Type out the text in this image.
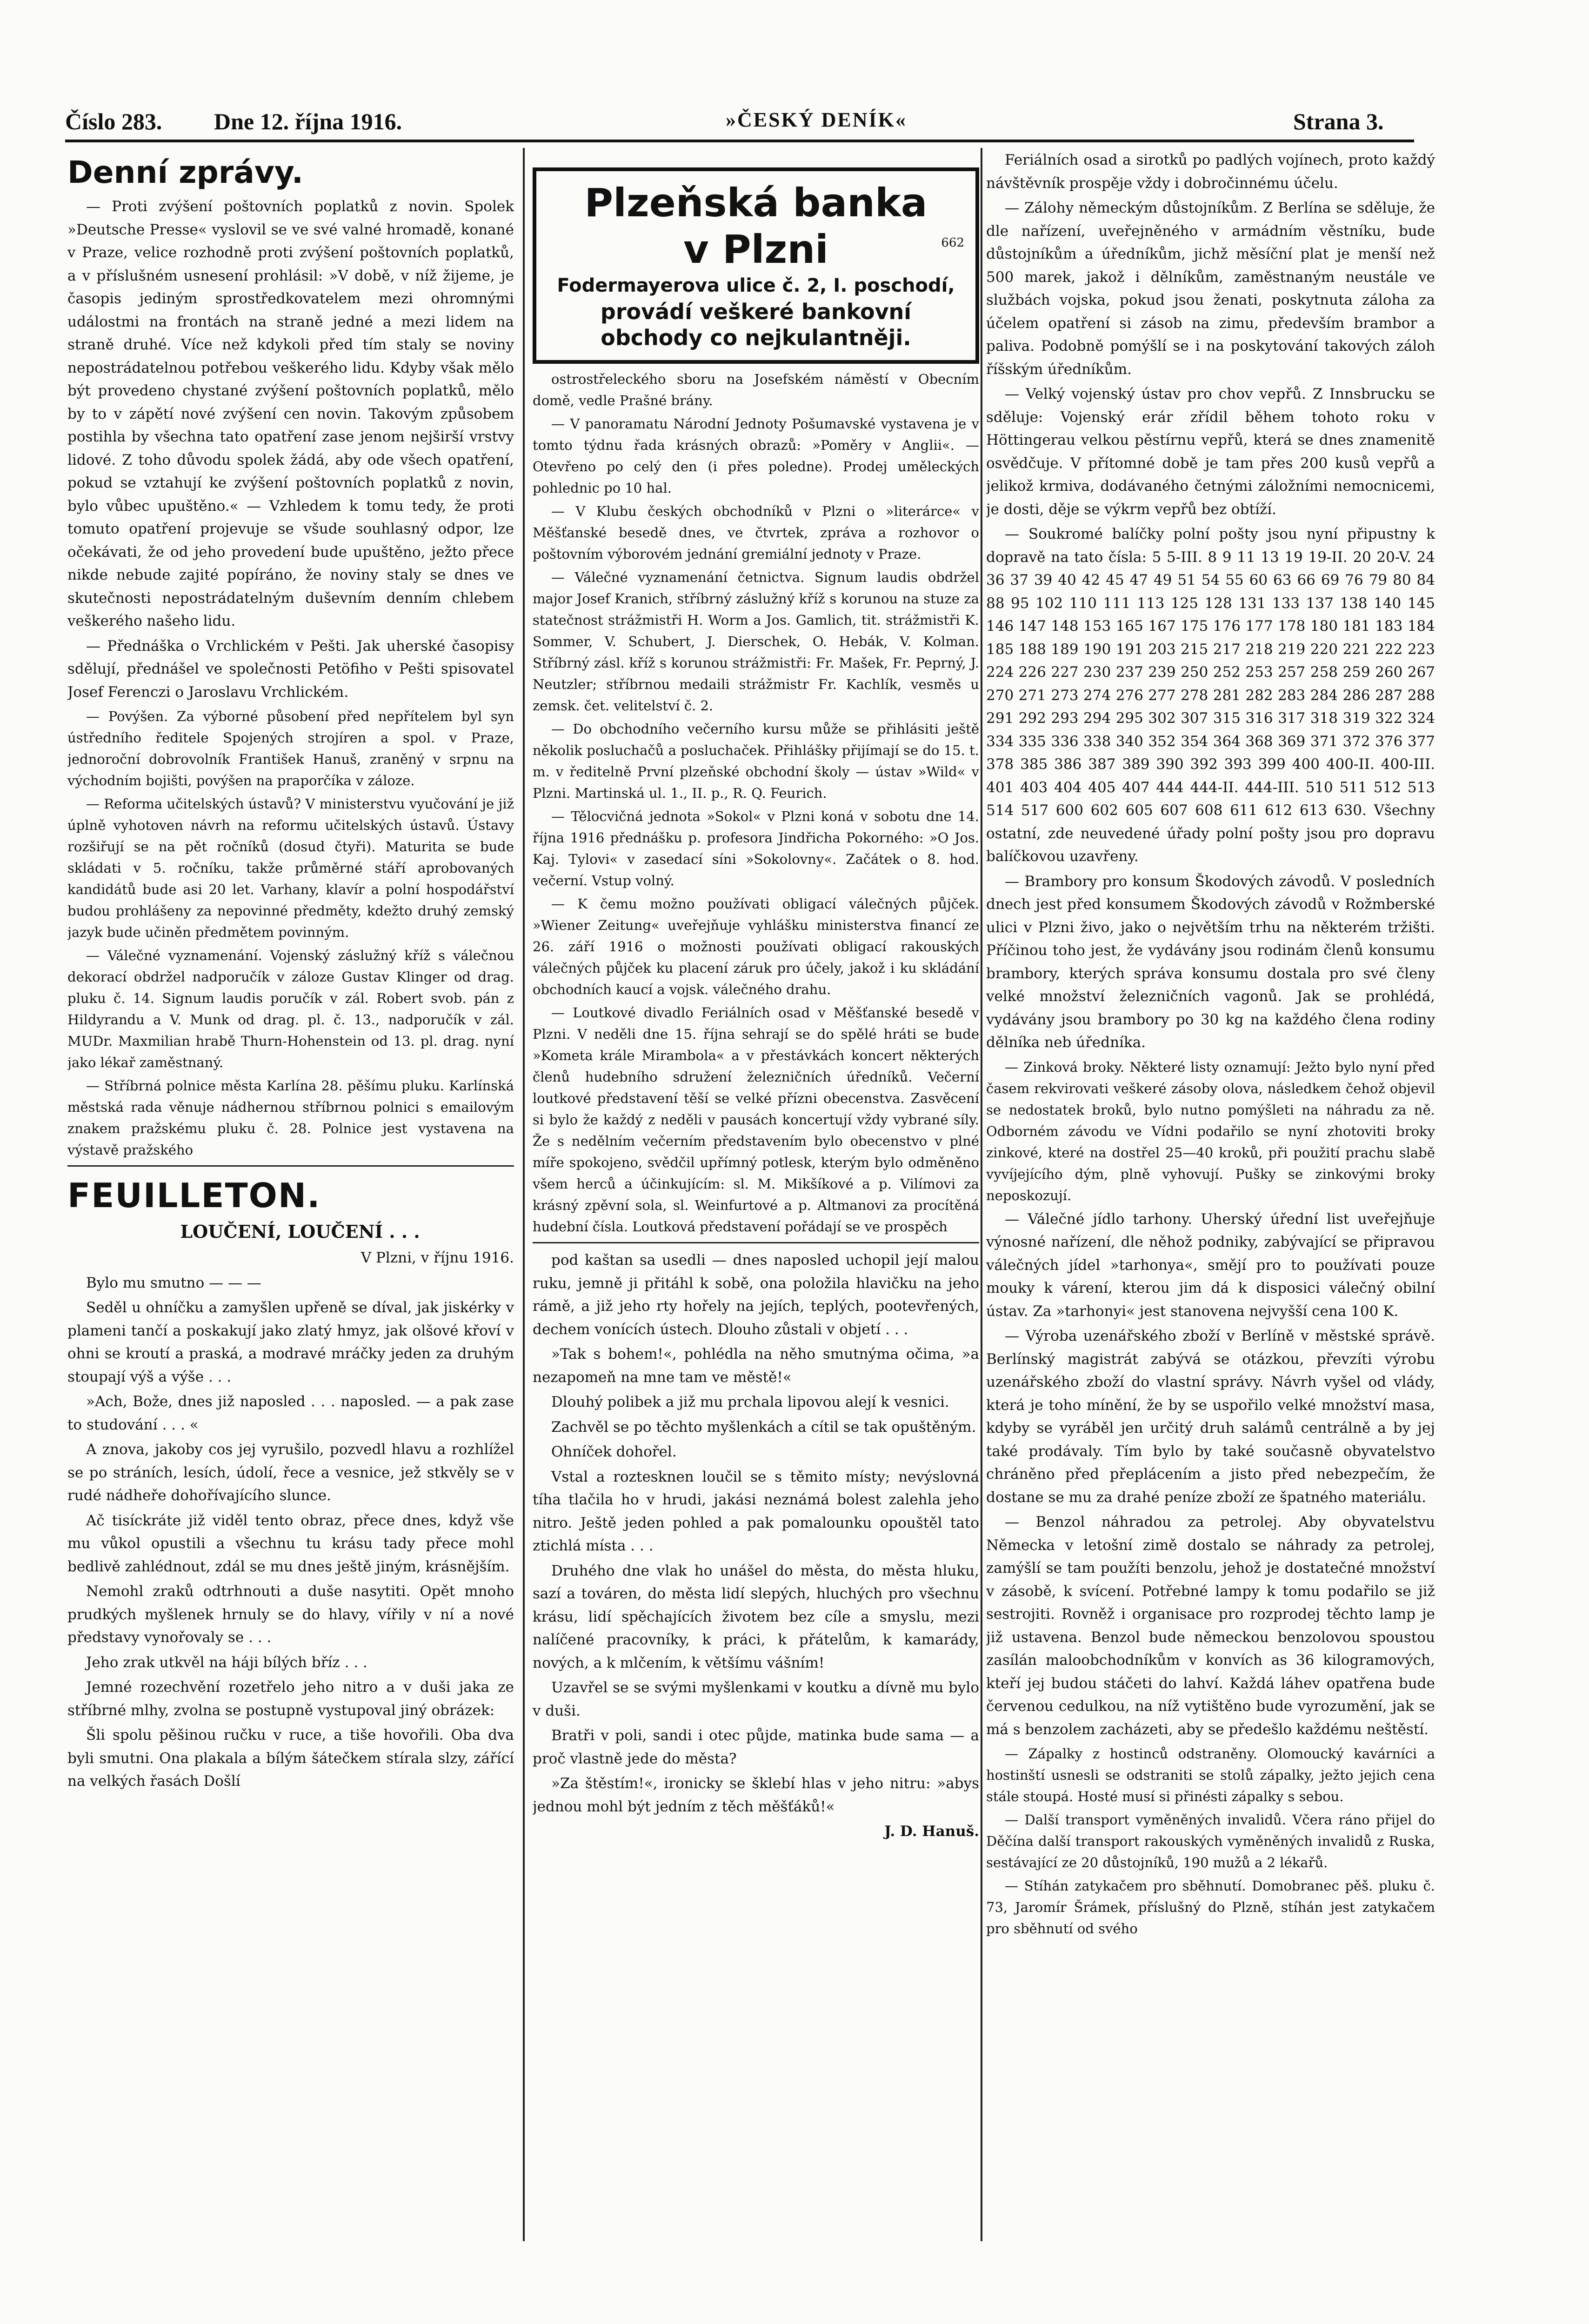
Číslo 283. Dne 12. října 1916.	»ČESKÝ DENÍK«	Strana 3.
Denní zprávy.

— Proti zvýšení poštovních poplatků z novin. Spolek »Deutsche Presse« vyslovil se ve své valné hromadě, konané v Praze, velice rozhodně proti zvýšení poštovních poplatků, a v příslušném usnesení prohlásil: »V době, v níž žijeme, je časopis jediným sprostředkovatelem mezi ohromnými událostmi na frontách na straně jedné a mezi lidem na straně druhé. Více než kdykoli před tím staly se noviny nepostrádatelnou potřebou veškerého lidu. Kdyby však mělo být provedeno chystané zvýšení poštovních poplatků, mělo by to v zápětí nové zvýšení cen novin. Takovým způsobem postihla by všechna tato opatření zase jenom nejširší vrstvy lidové. Z toho důvodu spolek žádá, aby ode všech opatření, pokud se vztahují ke zvýšení poštovních poplatků z novin, bylo vůbec upuštěno.« — Vzhledem k tomu tedy, že proti tomuto opatření projevuje se všude souhlasný odpor, lze očekávati, že od jeho provedení bude upuštěno, ježto přece nikde nebude zajité popíráno, že noviny staly se dnes ve skutečnosti nepostrádatelným duševním denním chlebem veškerého našeho lidu.

— Přednáška o Vrchlickém v Pešti. Jak uherské časopisy sdělují, přednášel ve společnosti Petöfiho v Pešti spisovatel Josef Ferenczi o Jaroslavu Vrchlickém.

— Povýšen. Za výborné působení před nepřítelem byl syn ústředního ředitele Spojených strojíren a spol. v Praze, jednoroční dobrovolník František Hanuš, zraněný v srpnu na východním bojišti, povýšen na praporčíka v záloze.

— Reforma učitelských ústavů? V ministerstvu vyučování je již úplně vyhotoven návrh na reformu učitelských ústavů. Ústavy rozšiřují se na pět ročníků (dosud čtyři). Maturita se bude skládati v 5. ročníku, takže průměrné stáří aprobovaných kandidátů bude asi 20 let. Varhany, klavír a polní hospodářství budou prohlášeny za nepovinné předměty, kdežto druhý zemský jazyk bude učiněn předmětem povinným.

— Válečné vyznamenání. Vojenský záslužný kříž s válečnou dekorací obdržel nadporučík v záloze Gustav Klinger od drag. pluku č. 14. Signum laudis poručík v zál. Robert svob. pán z Hildyrandu a V. Munk od drag. pl. č. 13., nadporučík v zál. MUDr. Maxmilian hrabě Thurn-Hohenstein od 13. pl. drag. nyní jako lékař zaměstnaný.

— Stříbrná polnice města Karlína 28. pěšímu pluku. Karlínská městská rada věnuje nádhernou stříbrnou polnici s emailovým znakem pražskému pluku č. 28. Polnice jest vystavena na výstavě pražského

FEUILLETON.

LOUČENÍ, LOUČENÍ . . .

V Plzni, v říjnu 1916.

Bylo mu smutno — — —

Seděl u ohníčku a zamyšlen upřeně se díval, jak jiskérky v plameni tančí a poskakují jako zlatý hmyz, jak olšové křoví v ohni se kroutí a praská, a modravé mráčky jeden za druhým stoupají výš a výše . . .

»Ach, Bože, dnes již naposled . . . naposled. — a pak zase to studování . . . «

A znova, jakoby cos jej vyrušilo, pozvedl hlavu a rozhlížel se po stráních, lesích, údolí, řece a vesnice, jež stkvěly se v rudé nádheře dohořívajícího slunce.

Ač tisíckráte již viděl tento obraz, přece dnes, když vše mu vůkol opustili a všechnu tu krásu tady přece mohl bedlivě zahlédnout, zdál se mu dnes ještě jiným, krásnějším.

Nemohl zraků odtrhnouti a duše nasytiti. Opět mnoho prudkých myšlenek hrnuly se do hlavy, vířily v ní a nové představy vynořovaly se . . .

Jeho zrak utkvěl na háji bílých bříz . . .

Jemné rozechvění rozetřelo jeho nitro a v duši jaka ze stříbrné mlhy, zvolna se postupně vystupoval jiný obrázek:

Šli spolu pěšinou ručku v ruce, a tiše hovořili. Oba dva byli smutni. Ona plakala a bílým šátečkem stírala slzy, zářící na velkých řasách Došlí

Plzeňská banka
v Plzni	662
Fodermayerova ulice č. 2, I. poschodí,
provádí veškeré bankovní
obchody co nejkulantněji.

ostrostřeleckého sboru na Josefském náměstí v Obecním domě, vedle Prašné brány.

— V panoramatu Národní Jednoty Pošumavské vystavena je v tomto týdnu řada krásných obrazů: »Poměry v Anglii«. — Otevřeno po celý den (i přes poledne). Prodej uměleckých pohlednic po 10 hal.

— V Klubu českých obchodníků v Plzni o »literárce« v Měšťanské besedě dnes, ve čtvrtek, zpráva a rozhovor o poštovním výborovém jednání gremiální jednoty v Praze.

— Válečné vyznamenání četnictva. Signum laudis obdržel major Josef Kranich, stříbrný záslužný kříž s korunou na stuze za statečnost strážmistři H. Worm a Jos. Gamlich, tit. strážmistři K. Sommer, V. Schubert, J. Dierschek, O. Hebák, V. Kolman. Stříbrný zásl. kříž s korunou strážmistři: Fr. Mašek, Fr. Peprný, J. Neutzler; stříbrnou medaili strážmistr Fr. Kachlík, vesměs u zemsk. čet. velitelství č. 2.

— Do obchodního večerního kursu může se přihlásiti ještě několik posluchačů a posluchaček. Přihlášky přijímají se do 15. t. m. v ředitelně První plzeňské obchodní školy — ústav »Wild« v Plzni. Martinská ul. 1., II. p., R. Q. Feurich.

— Tělocvičná jednota »Sokol« v Plzni koná v sobotu dne 14. října 1916 přednášku p. profesora Jindřicha Pokorného: »O Jos. Kaj. Tylovi« v zasedací síni »Sokolovny«. Začátek o 8. hod. večerní. Vstup volný.

— K čemu možno používati obligací válečných půjček. »Wiener Zeitung« uveřejňuje vyhlášku ministerstva financí ze 26. září 1916 o možnosti používati obligací rakouských válečných půjček ku placení záruk pro účely, jakož i ku skládání obchodních kaucí a vojsk. válečného drahu.

— Loutkové divadlo Feriálních osad v Měšťanské besedě v Plzni. V neděli dne 15. října sehrají se do spělé hráti se bude »Kometa krále Mirambola« a v přestávkách koncert některých členů hudebního sdružení železničních úředníků. Večerní loutkové představení těší se velké přízni obecenstva. Zasvěcení si bylo že každý z neděli v pausách koncertují vždy vybrané síly. Že s nedělním večerním představením bylo obecenstvo v plné míře spokojeno, svědčil upřímný potlesk, kterým bylo odměněno všem herců a účinkujícím: sl. M. Mikšíkové a p. Vilímovi za krásný zpěvní sola, sl. Weinfurtové a p. Altmanovi za procítěná hudební čísla. Loutková představení pořádají se ve prospěch

pod kaštan sa usedli — dnes naposled uchopil její malou ruku, jemně ji přitáhl k sobě, ona položila hlavičku na jeho rámě, a již jeho rty hořely na jejích, teplých, pootevřených, dechem vonících ústech. Dlouho zůstali v objetí . . .

»Tak s bohem!«, pohlédla na něho smutnýma očima, »a nezapomeň na mne tam ve městě!«

Dlouhý polibek a již mu prchala lipovou alejí k vesnici.

Zachvěl se po těchto myšlenkách a cítil se tak opuštěným.

Ohníček dohořel.

Vstal a roztesknen loučil se s těmito místy; nevýslovná tíha tlačila ho v hrudi, jakási neznámá bolest zalehla jeho nitro. Ještě jeden pohled a pak pomalounku opouštěl tato ztichlá místa . . .

Druhého dne vlak ho unášel do města, do města hluku, sazí a továren, do města lidí slepých, hluchých pro všechnu krásu, lidí spěchajících životem bez cíle a smyslu, mezi nalíčené pracovníky, k práci, k přátelům, k kamarády, nových, a k mlčením, k většímu vášním!

Uzavřel se se svými myšlenkami v koutku a dívně mu bylo v duši.

Bratři v poli, sandi i otec půjde, matinka bude sama — a proč vlastně jede do města?

»Za štěstím!«, ironicky se šklebí hlas v jeho nitru: »abys jednou mohl být jedním z těch měšťáků!«

J. D. Hanuš.

Feriálních osad a sirotků po padlých vojínech, proto každý návštěvník prospěje vždy i dobročinnému účelu.

— Zálohy německým důstojníkům. Z Berlína se sděluje, že dle nařízení, uveřejněného v armádním věstníku, bude důstojníkům a úředníkům, jichž měsíční plat je menší než 500 marek, jakož i dělníkům, zaměstnaným neustále ve službách vojska, pokud jsou ženati, poskytnuta záloha za účelem opatření si zásob na zimu, především brambor a paliva. Podobně pomýšlí se i na poskytování takových záloh říšským úředníkům.

— Velký vojenský ústav pro chov vepřů. Z Innsbrucku se sděluje: Vojenský erár zřídil během tohoto roku v Höttingerau velkou pěstírnu vepřů, která se dnes znamenitě osvědčuje. V přítomné době je tam přes 200 kusů vepřů a jelikož krmiva, dodávaného četnými záložními nemocnicemi, je dosti, děje se výkrm vepřů bez obtíží.

— Soukromé balíčky polní pošty jsou nyní připustny k dopravě na tato čísla: 5 5-III. 8 9 11 13 19 19-II. 20 20-V. 24 36 37 39 40 42 45 47 49 51 54 55 60 63 66 69 76 79 80 84 88 95 102 110 111 113 125 128 131 133 137 138 140 145 146 147 148 153 165 167 175 176 177 178 180 181 183 184 185 188 189 190 191 203 215 217 218 219 220 221 222 223 224 226 227 230 237 239 250 252 253 257 258 259 260 267 270 271 273 274 276 277 278 281 282 283 284 286 287 288 291 292 293 294 295 302 307 315 316 317 318 319 322 324 334 335 336 338 340 352 354 364 368 369 371 372 376 377 378 385 386 387 389 390 392 393 399 400 400-II. 400-III. 401 403 404 405 407 444 444-II. 444-III. 510 511 512 513 514 517 600 602 605 607 608 611 612 613 630. Všechny ostatní, zde neuvedené úřady polní pošty jsou pro dopravu balíčkovou uzavřeny.

— Brambory pro konsum Škodových závodů. V posledních dnech jest před konsumem Škodových závodů v Rožmberské ulici v Plzni živo, jako o největším trhu na některém tržišti. Příčinou toho jest, že vydávány jsou rodinám členů konsumu brambory, kterých správa konsumu dostala pro své členy velké množství železničních vagonů. Jak se prohlédá, vydávány jsou brambory po 30 kg na každého člena rodiny dělníka neb úředníka.

— Zinková broky. Některé listy oznamují: Ježto bylo nyní před časem rekvirovati veškeré zásoby olova, následkem čehož objevil se nedostatek broků, bylo nutno pomýšleti na náhradu za ně. Odborném závodu ve Vídni podařilo se nyní zhotoviti broky zinkové, které na dostřel 25—40 kroků, při použití prachu slabě vyvíjejícího dým, plně vyhovují. Pušky se zinkovými broky neposkozují.

— Válečné jídlo tarhony. Uherský úřední list uveřejňuje výnosné nařízení, dle něhož podniky, zabývající se připravou válečných jídel »tarhonya«, smějí pro to používati pouze mouky k várení, kterou jim dá k disposici válečný obilní ústav. Za »tarhonyi« jest stanovena nejvyšší cena 100 K.

— Výroba uzenářského zboží v Berlíně v městské správě. Berlínský magistrát zabývá se otázkou, převzíti výrobu uzenářského zboží do vlastní správy. Návrh vyšel od vlády, která je toho mínění, že by se uspořilo velké množství masa, kdyby se vyráběl jen určitý druh salámů centrálně a by jej také prodávaly. Tím bylo by také současně obyvatelstvo chráněno před přeplácením a jisto před nebezpečím, že dostane se mu za drahé peníze zboží ze špatného materiálu.

— Benzol náhradou za petrolej. Aby obyvatelstvu Německa v letošní zimě dostalo se náhrady za petrolej, zamýšlí se tam použíti benzolu, jehož je dostatečné množství v zásobě, k svícení. Potřebné lampy k tomu podařilo se již sestrojiti. Rovněž i organisace pro rozprodej těchto lamp je již ustavena. Benzol bude německou benzolovou spoustou zasílán maloobchodníkům v konvích as 36 kilogramových, kteří jej budou stáčeti do lahví. Každá láhev opatřena bude červenou cedulkou, na níž vytištěno bude vyrozumění, jak se má s benzolem zacházeti, aby se předešlo každému neštěstí.

— Zápalky z hostinců odstraněny. Olomoucký kavárníci a hostinští usnesli se odstraniti se stolů zápalky, ježto jejich cena stále stoupá. Hosté musí si přinésti zápalky s sebou.

— Další transport vyměněných invalidů. Včera ráno přijel do Děčína další transport rakouských vyměněných invalidů z Ruska, sestávající ze 20 důstojníků, 190 mužů a 2 lékařů.

— Stíhán zatykačem pro sběhnutí. Domobranec pěš. pluku č. 73, Jaromír Šrámek, příslušný do Plzně, stíhán jest zatykačem pro sběhnutí od svého
